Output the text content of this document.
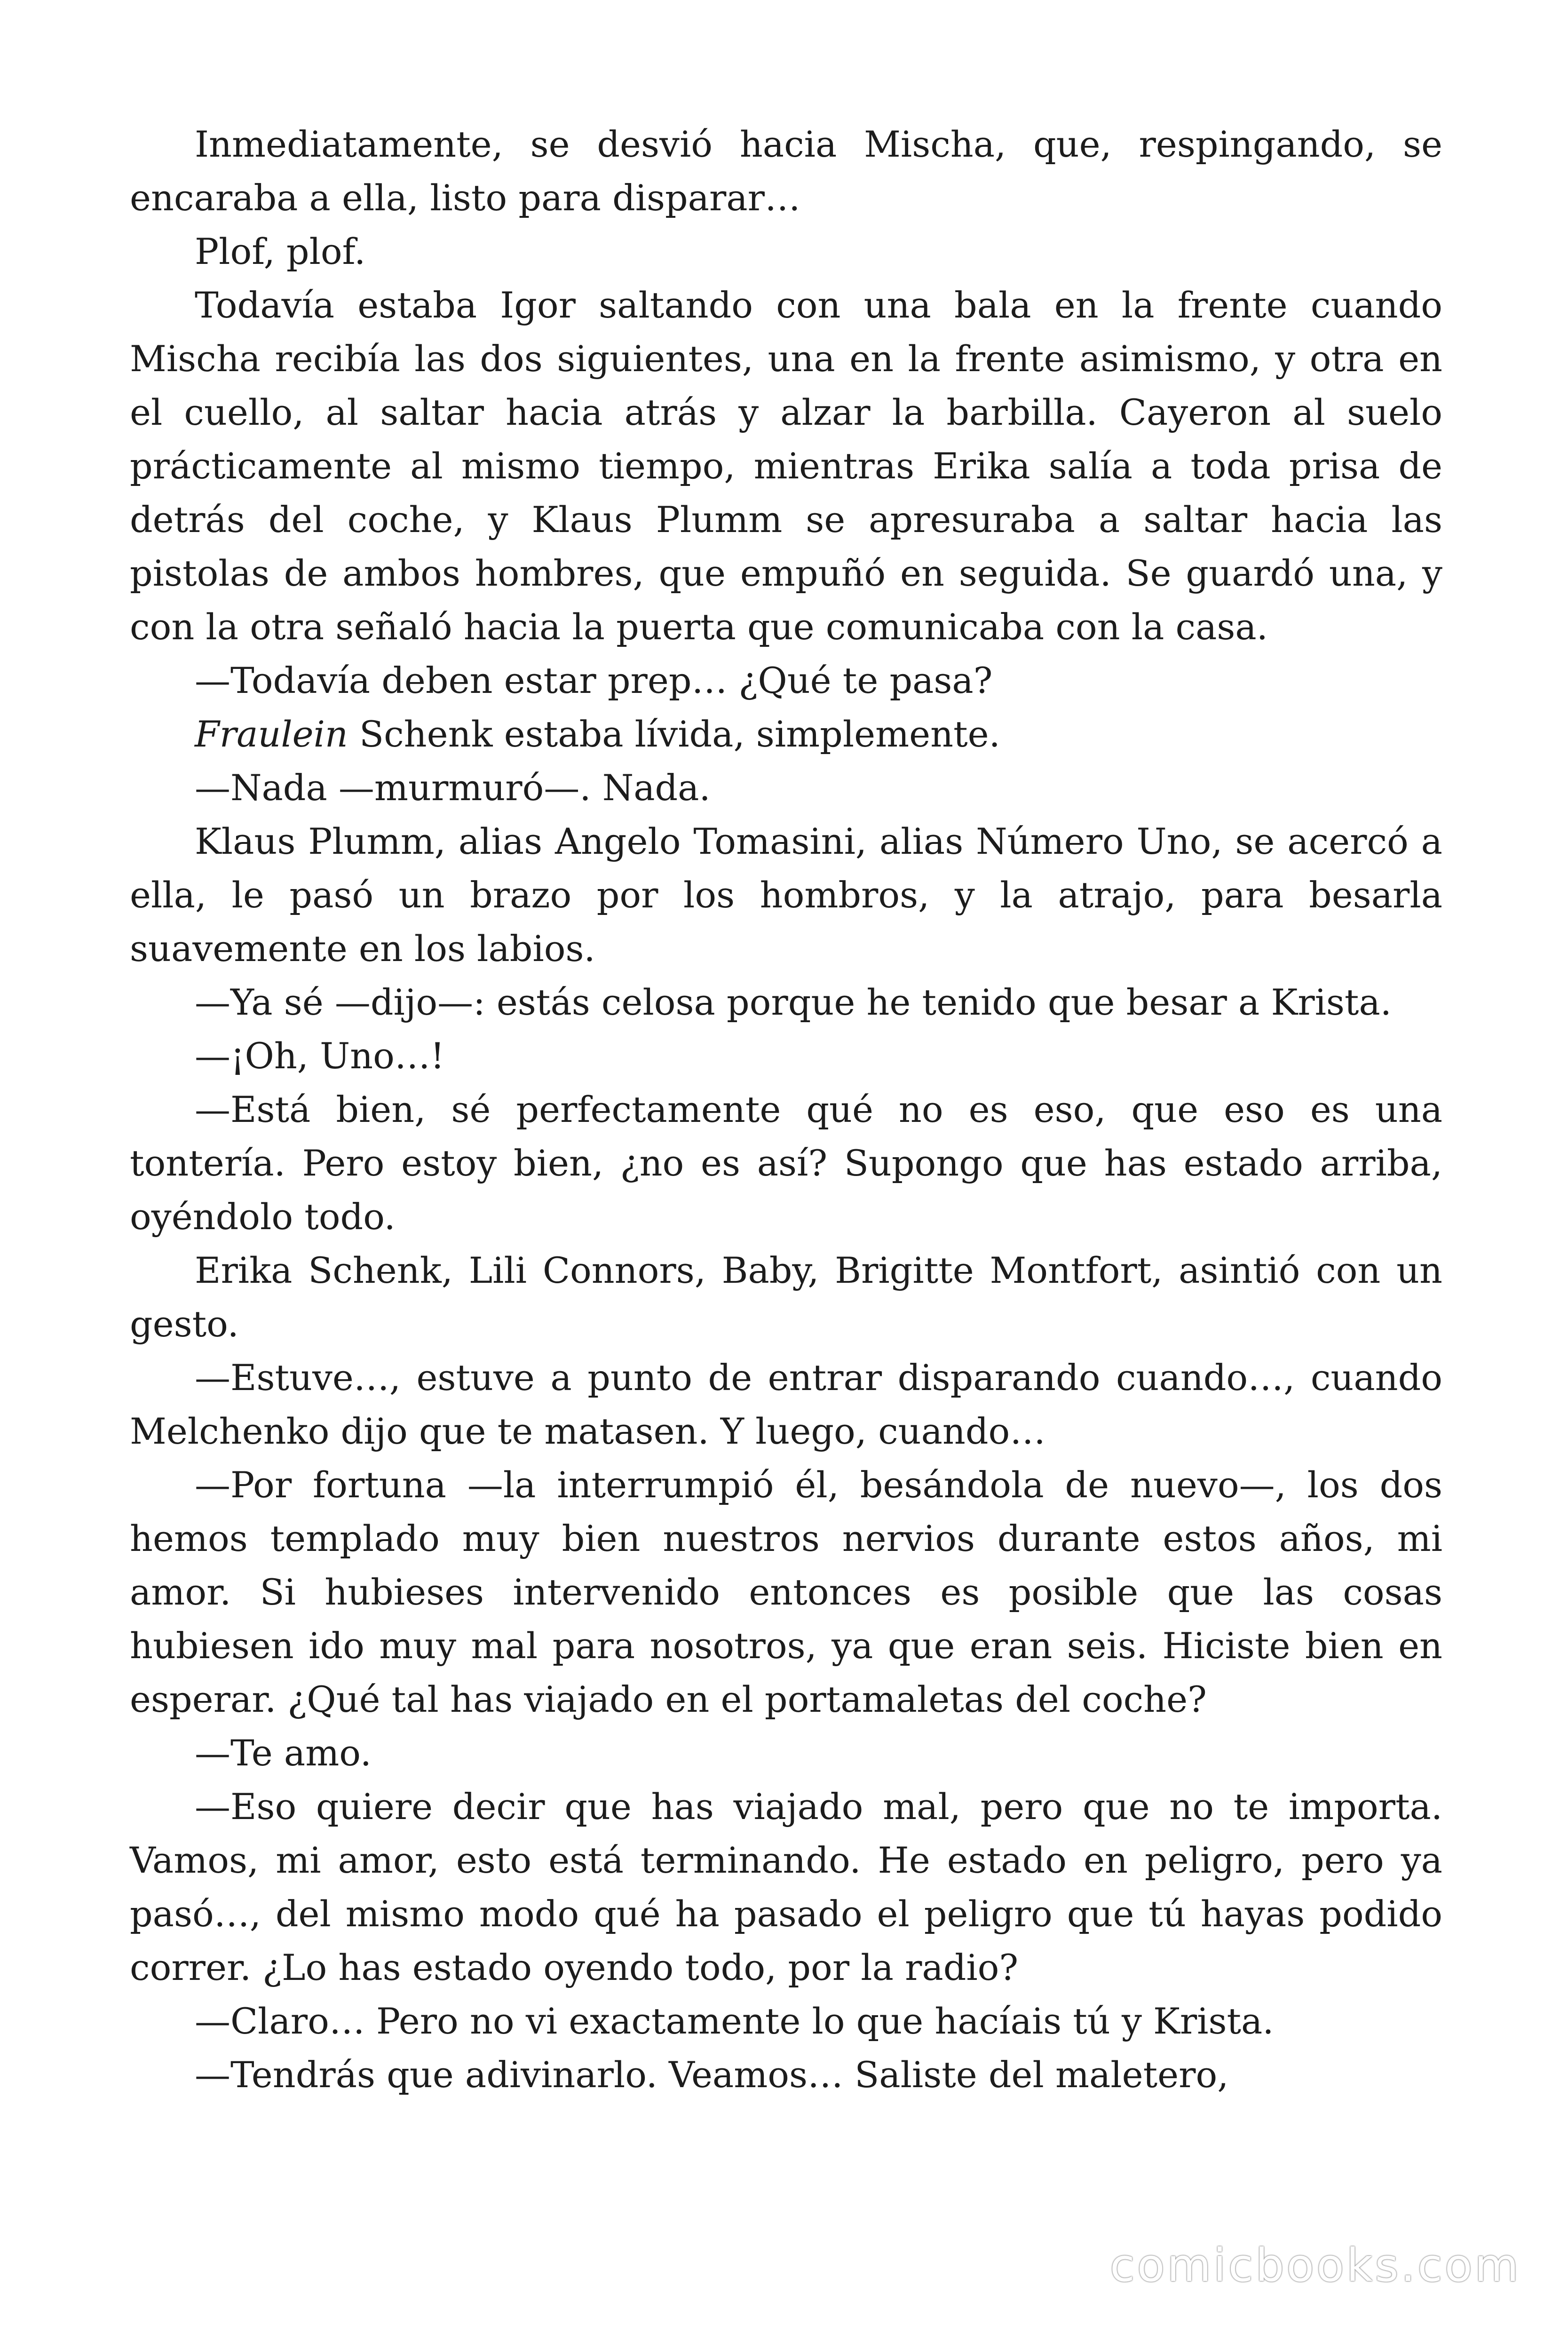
Inmediatamente, se desvió hacia Mischa, que, respingando, se encaraba a ella, listo para disparar…

Plof, plof.

Todavía estaba Igor saltando con una bala en la frente cuando Mischa recibía las dos siguientes, una en la frente asimismo, y otra en el cuello, al saltar hacia atrás y alzar la barbilla. Cayeron al suelo prácticamente al mismo tiempo, mientras Erika salía a toda prisa de detrás del coche, y Klaus Plumm se apresuraba a saltar hacia las pistolas de ambos hombres, que empuñó en seguida. Se guardó una, y con la otra señaló hacia la puerta que comunicaba con la casa.

—Todavía deben estar prep… ¿Qué te pasa?

Fraulein Schenk estaba lívida, simplemente.

—Nada —murmuró—. Nada.

Klaus Plumm, alias Angelo Tomasini, alias Número Uno, se acercó a ella, le pasó un brazo por los hombros, y la atrajo, para besarla suavemente en los labios.

—Ya sé —dijo—: estás celosa porque he tenido que besar a Krista.

—¡Oh, Uno…!

—Está bien, sé perfectamente qué no es eso, que eso es una tontería. Pero estoy bien, ¿no es así? Supongo que has estado arriba, oyéndolo todo.

Erika Schenk, Lili Connors, Baby, Brigitte Montfort, asintió con un gesto.

—Estuve…, estuve a punto de entrar disparando cuando…, cuando Melchenko dijo que te matasen. Y luego, cuando…

—Por fortuna —la interrumpió él, besándola de nuevo—, los dos hemos templado muy bien nuestros nervios durante estos años, mi amor. Si hubieses intervenido entonces es posible que las cosas hubiesen ido muy mal para nosotros, ya que eran seis. Hiciste bien en esperar. ¿Qué tal has viajado en el portamaletas del coche?

—Te amo.

—Eso quiere decir que has viajado mal, pero que no te importa. Vamos, mi amor, esto está terminando. He estado en peligro, pero ya pasó…, del mismo modo qué ha pasado el peligro que tú hayas podido correr. ¿Lo has estado oyendo todo, por la radio?

—Claro… Pero no vi exactamente lo que hacíais tú y Krista.

—Tendrás que adivinarlo. Veamos… Saliste del maletero,

comicbooks.com
